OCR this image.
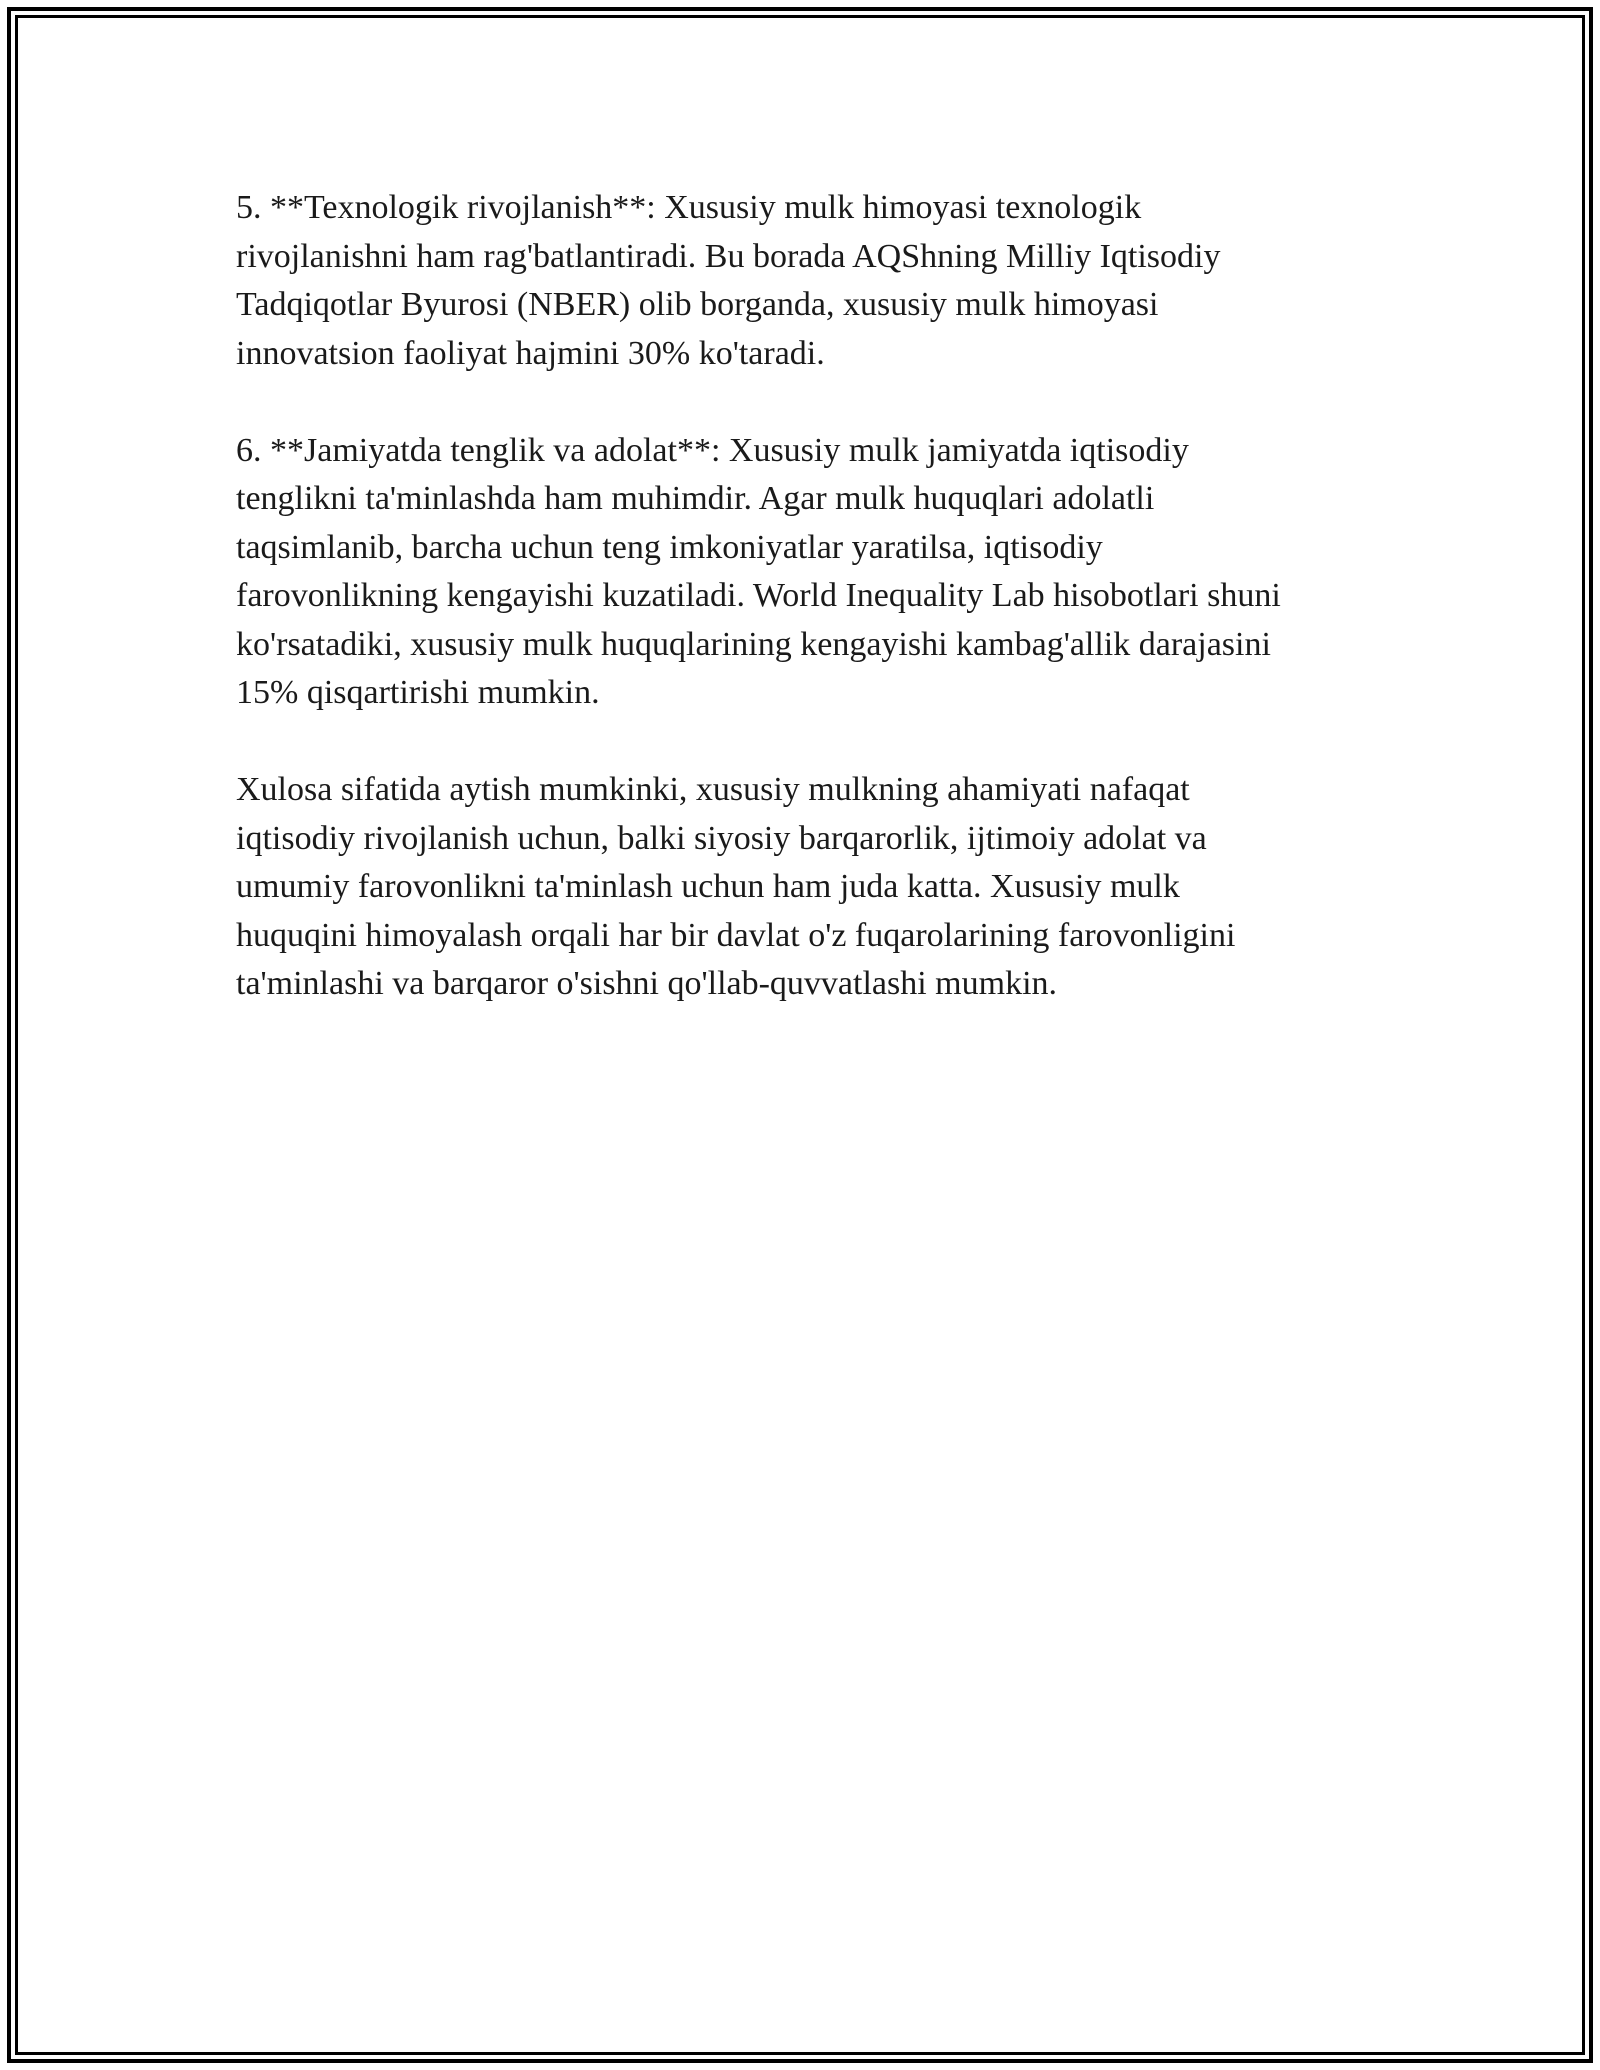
5. **Texnologik rivojlanish**: Xususiy mulk himoyasi texnologik
rivojlanishni ham rag'batlantiradi. Bu borada AQShning Milliy Iqtisodiy
Tadqiqotlar Byurosi (NBER) olib borganda, xususiy mulk himoyasi
innovatsion faoliyat hajmini 30% ko'taradi.

6. **Jamiyatda tenglik va adolat**: Xususiy mulk jamiyatda iqtisodiy
tenglikni ta'minlashda ham muhimdir. Agar mulk huquqlari adolatli
taqsimlanib, barcha uchun teng imkoniyatlar yaratilsa, iqtisodiy
farovonlikning kengayishi kuzatiladi. World Inequality Lab hisobotlari shuni
ko'rsatadiki, xususiy mulk huquqlarining kengayishi kambag'allik darajasini
15% qisqartirishi mumkin.

Xulosa sifatida aytish mumkinki, xususiy mulkning ahamiyati nafaqat
iqtisodiy rivojlanish uchun, balki siyosiy barqarorlik, ijtimoiy adolat va
umumiy farovonlikni ta'minlash uchun ham juda katta. Xususiy mulk
huquqini himoyalash orqali har bir davlat o'z fuqarolarining farovonligini
ta'minlashi va barqaror o'sishni qo'llab-quvvatlashi mumkin.
